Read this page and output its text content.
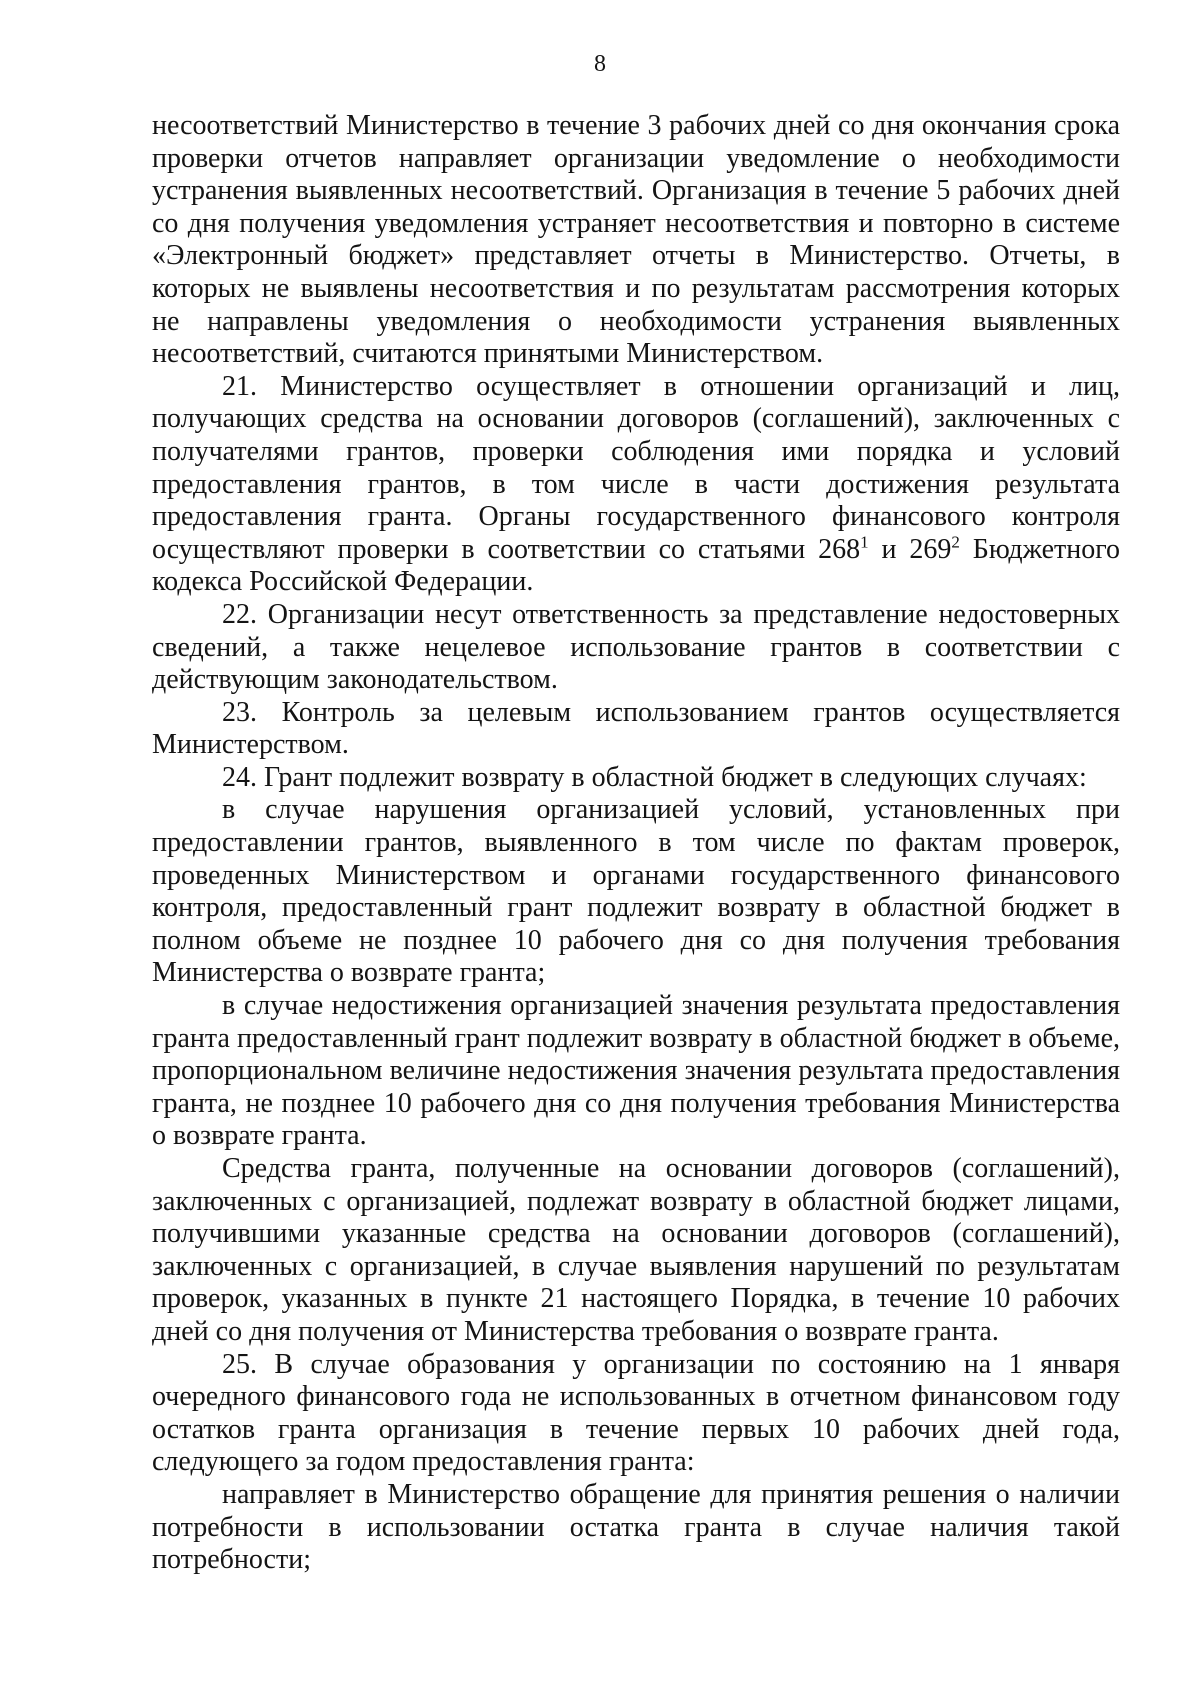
8

несоответствий Министерство в течение 3 рабочих дней со дня окончания срока проверки отчетов направляет организации уведомление о необходимости устранения выявленных несоответствий. Организация в течение 5 рабочих дней со дня получения уведомления устраняет несоответствия и повторно в системе «Электронный бюджет» представляет отчеты в Министерство. Отчеты, в которых не выявлены несоответствия и по результатам рассмотрения которых не направлены уведомления о необходимости устранения выявленных несоответствий, считаются принятыми Министерством.

21. Министерство осуществляет в отношении организаций и лиц, получающих средства на основании договоров (соглашений), заключенных с получателями грантов, проверки соблюдения ими порядка и условий предоставления грантов, в том числе в части достижения результата предоставления гранта. Органы государственного финансового контроля осуществляют проверки в соответствии со статьями $268^1$ и $269^2$ Бюджетного кодекса Российской Федерации.

22. Организации несут ответственность за представление недостоверных сведений, а также нецелевое использование грантов в соответствии с действующим законодательством.

23. Контроль за целевым использованием грантов осуществляется Министерством.

24. Грант подлежит возврату в областной бюджет в следующих случаях:

в случае нарушения организацией условий, установленных при предоставлении грантов, выявленного в том числе по фактам проверок, проведенных Министерством и органами государственного финансового контроля, предоставленный грант подлежит возврату в областной бюджет в полном объеме не позднее 10 рабочего дня со дня получения требования Министерства о возврате гранта;

в случае недостижения организацией значения результата предоставления гранта предоставленный грант подлежит возврату в областной бюджет в объеме, пропорциональном величине недостижения значения результата предоставления гранта, не позднее 10 рабочего дня со дня получения требования Министерства о возврате гранта.

Средства гранта, полученные на основании договоров (соглашений), заключенных с организацией, подлежат возврату в областной бюджет лицами, получившими указанные средства на основании договоров (соглашений), заключенных с организацией, в случае выявления нарушений по результатам проверок, указанных в пункте 21 настоящего Порядка, в течение 10 рабочих дней со дня получения от Министерства требования о возврате гранта.

25. В случае образования у организации по состоянию на 1 января очередного финансового года не использованных в отчетном финансовом году остатков гранта организация в течение первых 10 рабочих дней года, следующего за годом предоставления гранта:

направляет в Министерство обращение для принятия решения о наличии потребности в использовании остатка гранта в случае наличия такой потребности;
